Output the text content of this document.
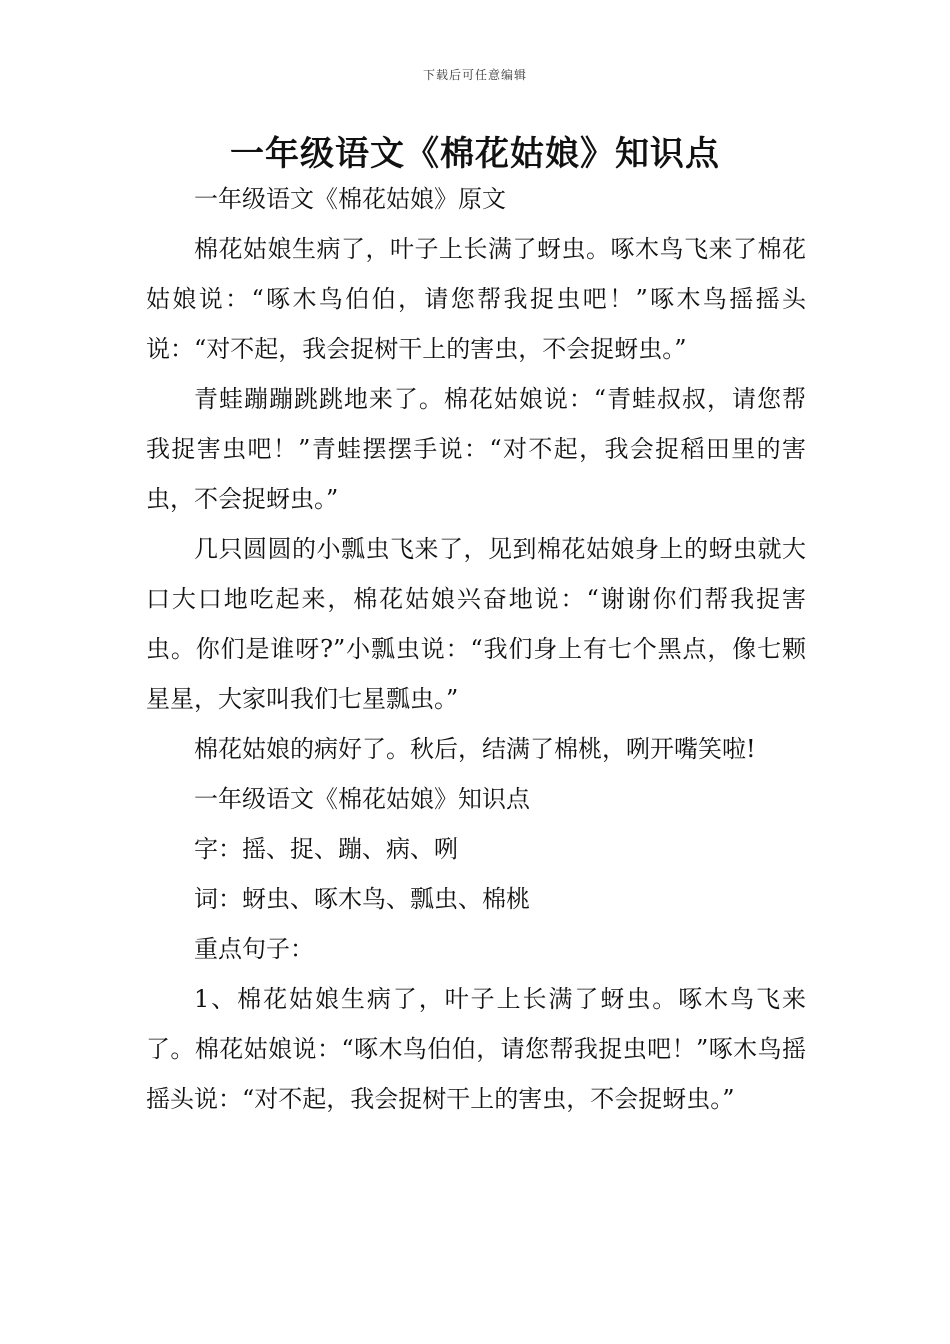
下载后可任意编辑
一年级语文《棉花姑娘》知识点

一年级语文《棉花姑娘》原文

棉花姑娘生病了，叶子上长满了蚜虫。啄木鸟飞来了棉花姑娘说：“啄木鸟伯伯，请您帮我捉虫吧！”啄木鸟摇摇头说：“对不起，我会捉树干上的害虫，不会捉蚜虫。”

青蛙蹦蹦跳跳地来了。棉花姑娘说：“青蛙叔叔，请您帮我捉害虫吧！”青蛙摆摆手说：“对不起，我会捉稻田里的害虫，不会捉蚜虫。”

几只圆圆的小瓢虫飞来了，见到棉花姑娘身上的蚜虫就大口大口地吃起来，棉花姑娘兴奋地说：“谢谢你们帮我捉害虫。你们是谁呀?”小瓢虫说：“我们身上有七个黑点，像七颗星星，大家叫我们七星瓢虫。”

棉花姑娘的病好了。秋后，结满了棉桃，咧开嘴笑啦!

一年级语文《棉花姑娘》知识点

字：摇、捉、蹦、病、咧

词：蚜虫、啄木鸟、瓢虫、棉桃

重点句子：

1、棉花姑娘生病了，叶子上长满了蚜虫。啄木鸟飞来了。棉花姑娘说：“啄木鸟伯伯，请您帮我捉虫吧！”啄木鸟摇摇头说：“对不起，我会捉树干上的害虫，不会捉蚜虫。”
